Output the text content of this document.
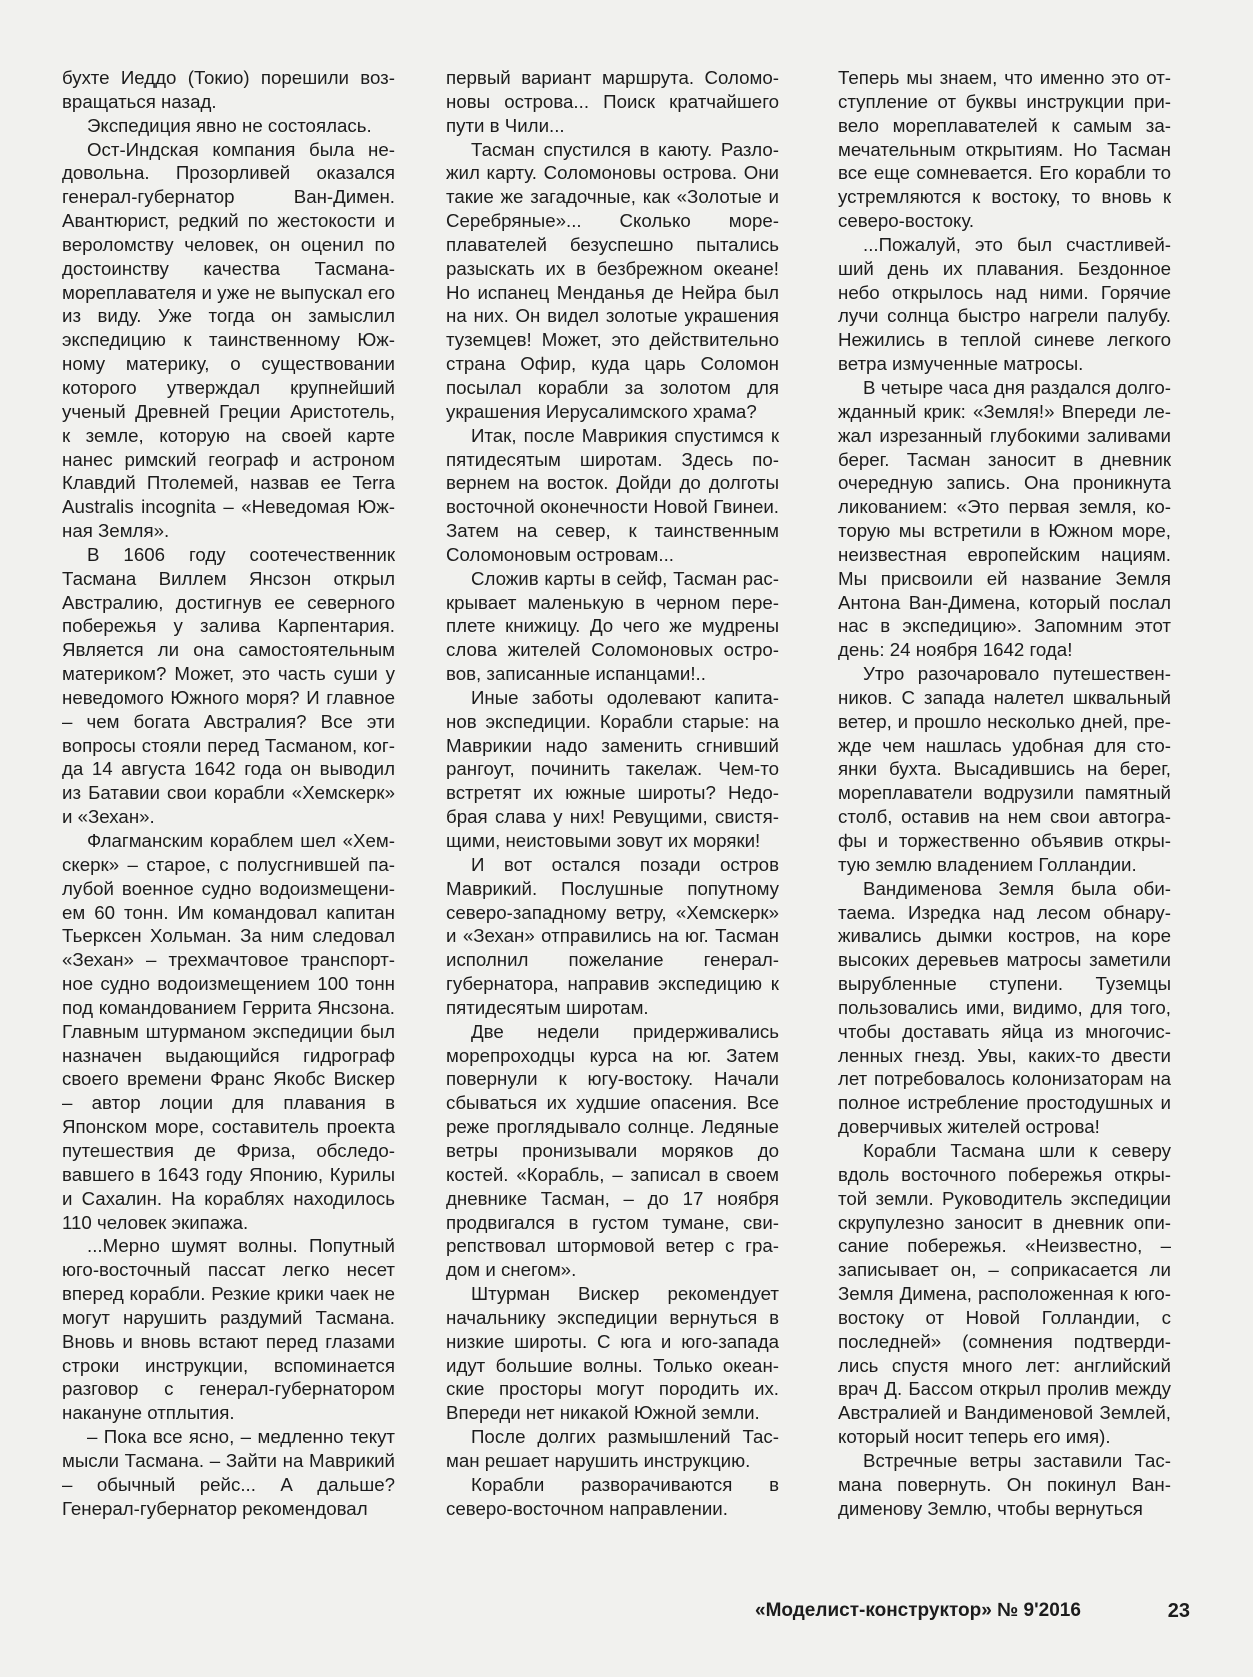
бухте Иеддо (Токио) порешили возвращаться назад.

Экспедиция явно не состоялась.

Ост-Индская компания была недовольна. Прозорливей оказался генерал-губернатор Ван-Димен. Авантюрист, редкий по жестокости и вероломству человек, он оценил по достоинству качества Тасмана-мореплавателя и уже не выпускал его из виду. Уже тогда он замыслил экспедицию к таинственному Южному материку, о существовании которого утверждал крупнейший ученый Древней Греции Аристотель, к земле, которую на своей карте нанес римский географ и астроном Клавдий Птолемей, назвав ее Terra Australis incognita – «Неведомая Южная Земля».

В 1606 году соотечественник Тасмана Виллем Янсзон открыл Австралию, достигнув ее северного побережья у залива Карпентария. Является ли она самостоятельным материком? Может, это часть суши у неведомого Южного моря? И главное – чем богата Австралия? Все эти вопросы стояли перед Тасманом, когда 14 августа 1642 года он выводил из Батавии свои корабли «Хемскерк» и «Зехан».

Флагманским кораблем шел «Хемскерк» – старое, с полусгнившей палубой военное судно водоизмещением 60 тонн. Им командовал капитан Тьерксен Хольман. За ним следовал «Зехан» – трехмачтовое транспортное судно водоизмещением 100 тонн под командованием Геррита Янсзона. Главным штурманом экспедиции был назначен выдающийся гидрограф своего времени Франс Якобс Вискер – автор лоции для плавания в Японском море, составитель проекта путешествия де Фриза, обследовавшего в 1643 году Японию, Курилы и Сахалин. На кораблях находилось 110 человек экипажа.

...Мерно шумят волны. Попутный юго-восточный пассат легко несет вперед корабли. Резкие крики чаек не могут нарушить раздумий Тасмана. Вновь и вновь встают перед глазами строки инструкции, вспоминается разговор с генерал-губернатором накануне отплытия.

– Пока все ясно, – медленно текут мысли Тасмана. – Зайти на Маврикий – обычный рейс... А дальше? Генерал-губернатор рекомендовал

первый вариант маршрута. Соломоновы острова... Поиск кратчайшего пути в Чили...

Тасман спустился в каюту. Разложил карту. Соломоновы острова. Они такие же загадочные, как «Золотые и Серебряные»... Сколько мореплавателей безуспешно пытались разыскать их в безбрежном океане! Но испанец Менданья де Нейра был на них. Он видел золотые украшения туземцев! Может, это действительно страна Офир, куда царь Соломон посылал корабли за золотом для украшения Иерусалимского храма?

Итак, после Маврикия спустимся к пятидесятым широтам. Здесь повернем на восток. Дойди до долготы восточной оконечности Новой Гвинеи. Затем на север, к таинственным Соломоновым островам...

Сложив карты в сейф, Тасман раскрывает маленькую в черном переплете книжицу. До чего же мудрены слова жителей Соломоновых островов, записанные испанцами!..

Иные заботы одолевают капитанов экспедиции. Корабли старые: на Маврикии надо заменить сгнивший рангоут, починить такелаж. Чем-то встретят их южные широты? Недобрая слава у них! Ревущими, свистящими, неистовыми зовут их моряки!

И вот остался позади остров Маврикий. Послушные попутному северо-западному ветру, «Хемскерк» и «Зехан» отправились на юг. Тасман исполнил пожелание генерал-губернатора, направив экспедицию к пятидесятым широтам.

Две недели придерживались морепроходцы курса на юг. Затем повернули к югу-востоку. Начали сбываться их худшие опасения. Все реже проглядывало солнце. Ледяные ветры пронизывали моряков до костей. «Корабль, – записал в своем дневнике Тасман, – до 17 ноября продвигался в густом тумане, свирепствовал штормовой ветер с градом и снегом».

Штурман Вискер рекомендует начальнику экспедиции вернуться в низкие широты. С юга и юго-запада идут большие волны. Только океанские просторы могут породить их. Впереди нет никакой Южной земли.

После долгих размышлений Тасман решает нарушить инструкцию.

Корабли разворачиваются в северо-восточном направлении.

Теперь мы знаем, что именно это отступление от буквы инструкции привело мореплавателей к самым замечательным открытиям. Но Тасман все еще сомневается. Его корабли то устремляются к востоку, то вновь к северо-востоку.

...Пожалуй, это был счастливейший день их плавания. Бездонное небо открылось над ними. Горячие лучи солнца быстро нагрели палубу. Нежились в теплой синеве легкого ветра измученные матросы.

В четыре часа дня раздался долгожданный крик: «Земля!» Впереди лежал изрезанный глубокими заливами берег. Тасман заносит в дневник очередную запись. Она проникнута ликованием: «Это первая земля, которую мы встретили в Южном море, неизвестная европейским нациям. Мы присвоили ей название Земля Антона Ван-Димена, который послал нас в экспедицию». Запомним этот день: 24 ноября 1642 года!

Утро разочаровало путешественников. С запада налетел шквальный ветер, и прошло несколько дней, прежде чем нашлась удобная для стоянки бухта. Высадившись на берег, мореплаватели водрузили памятный столб, оставив на нем свои автографы и торжественно объявив открытую землю владением Голландии.

Вандименова Земля была обитаема. Изредка над лесом обнаруживались дымки костров, на коре высоких деревьев матросы заметили вырубленные ступени. Туземцы пользовались ими, видимо, для того, чтобы доставать яйца из многочисленных гнезд. Увы, каких-то двести лет потребовалось колонизаторам на полное истребление простодушных и доверчивых жителей острова!

Корабли Тасмана шли к северу вдоль восточного побережья открытой земли. Руководитель экспедиции скрупулезно заносит в дневник описание побережья. «Неизвестно, – записывает он, – соприкасается ли Земля Димена, расположенная к юго-востоку от Новой Голландии, с последней» (сомнения подтвердились спустя много лет: английский врач Д. Бассом открыл пролив между Австралией и Вандименовой Землей, который носит теперь его имя).

Встречные ветры заставили Тасмана повернуть. Он покинул Вандименову Землю, чтобы вернуться

«Моделист-конструктор» № 9'2016	23
